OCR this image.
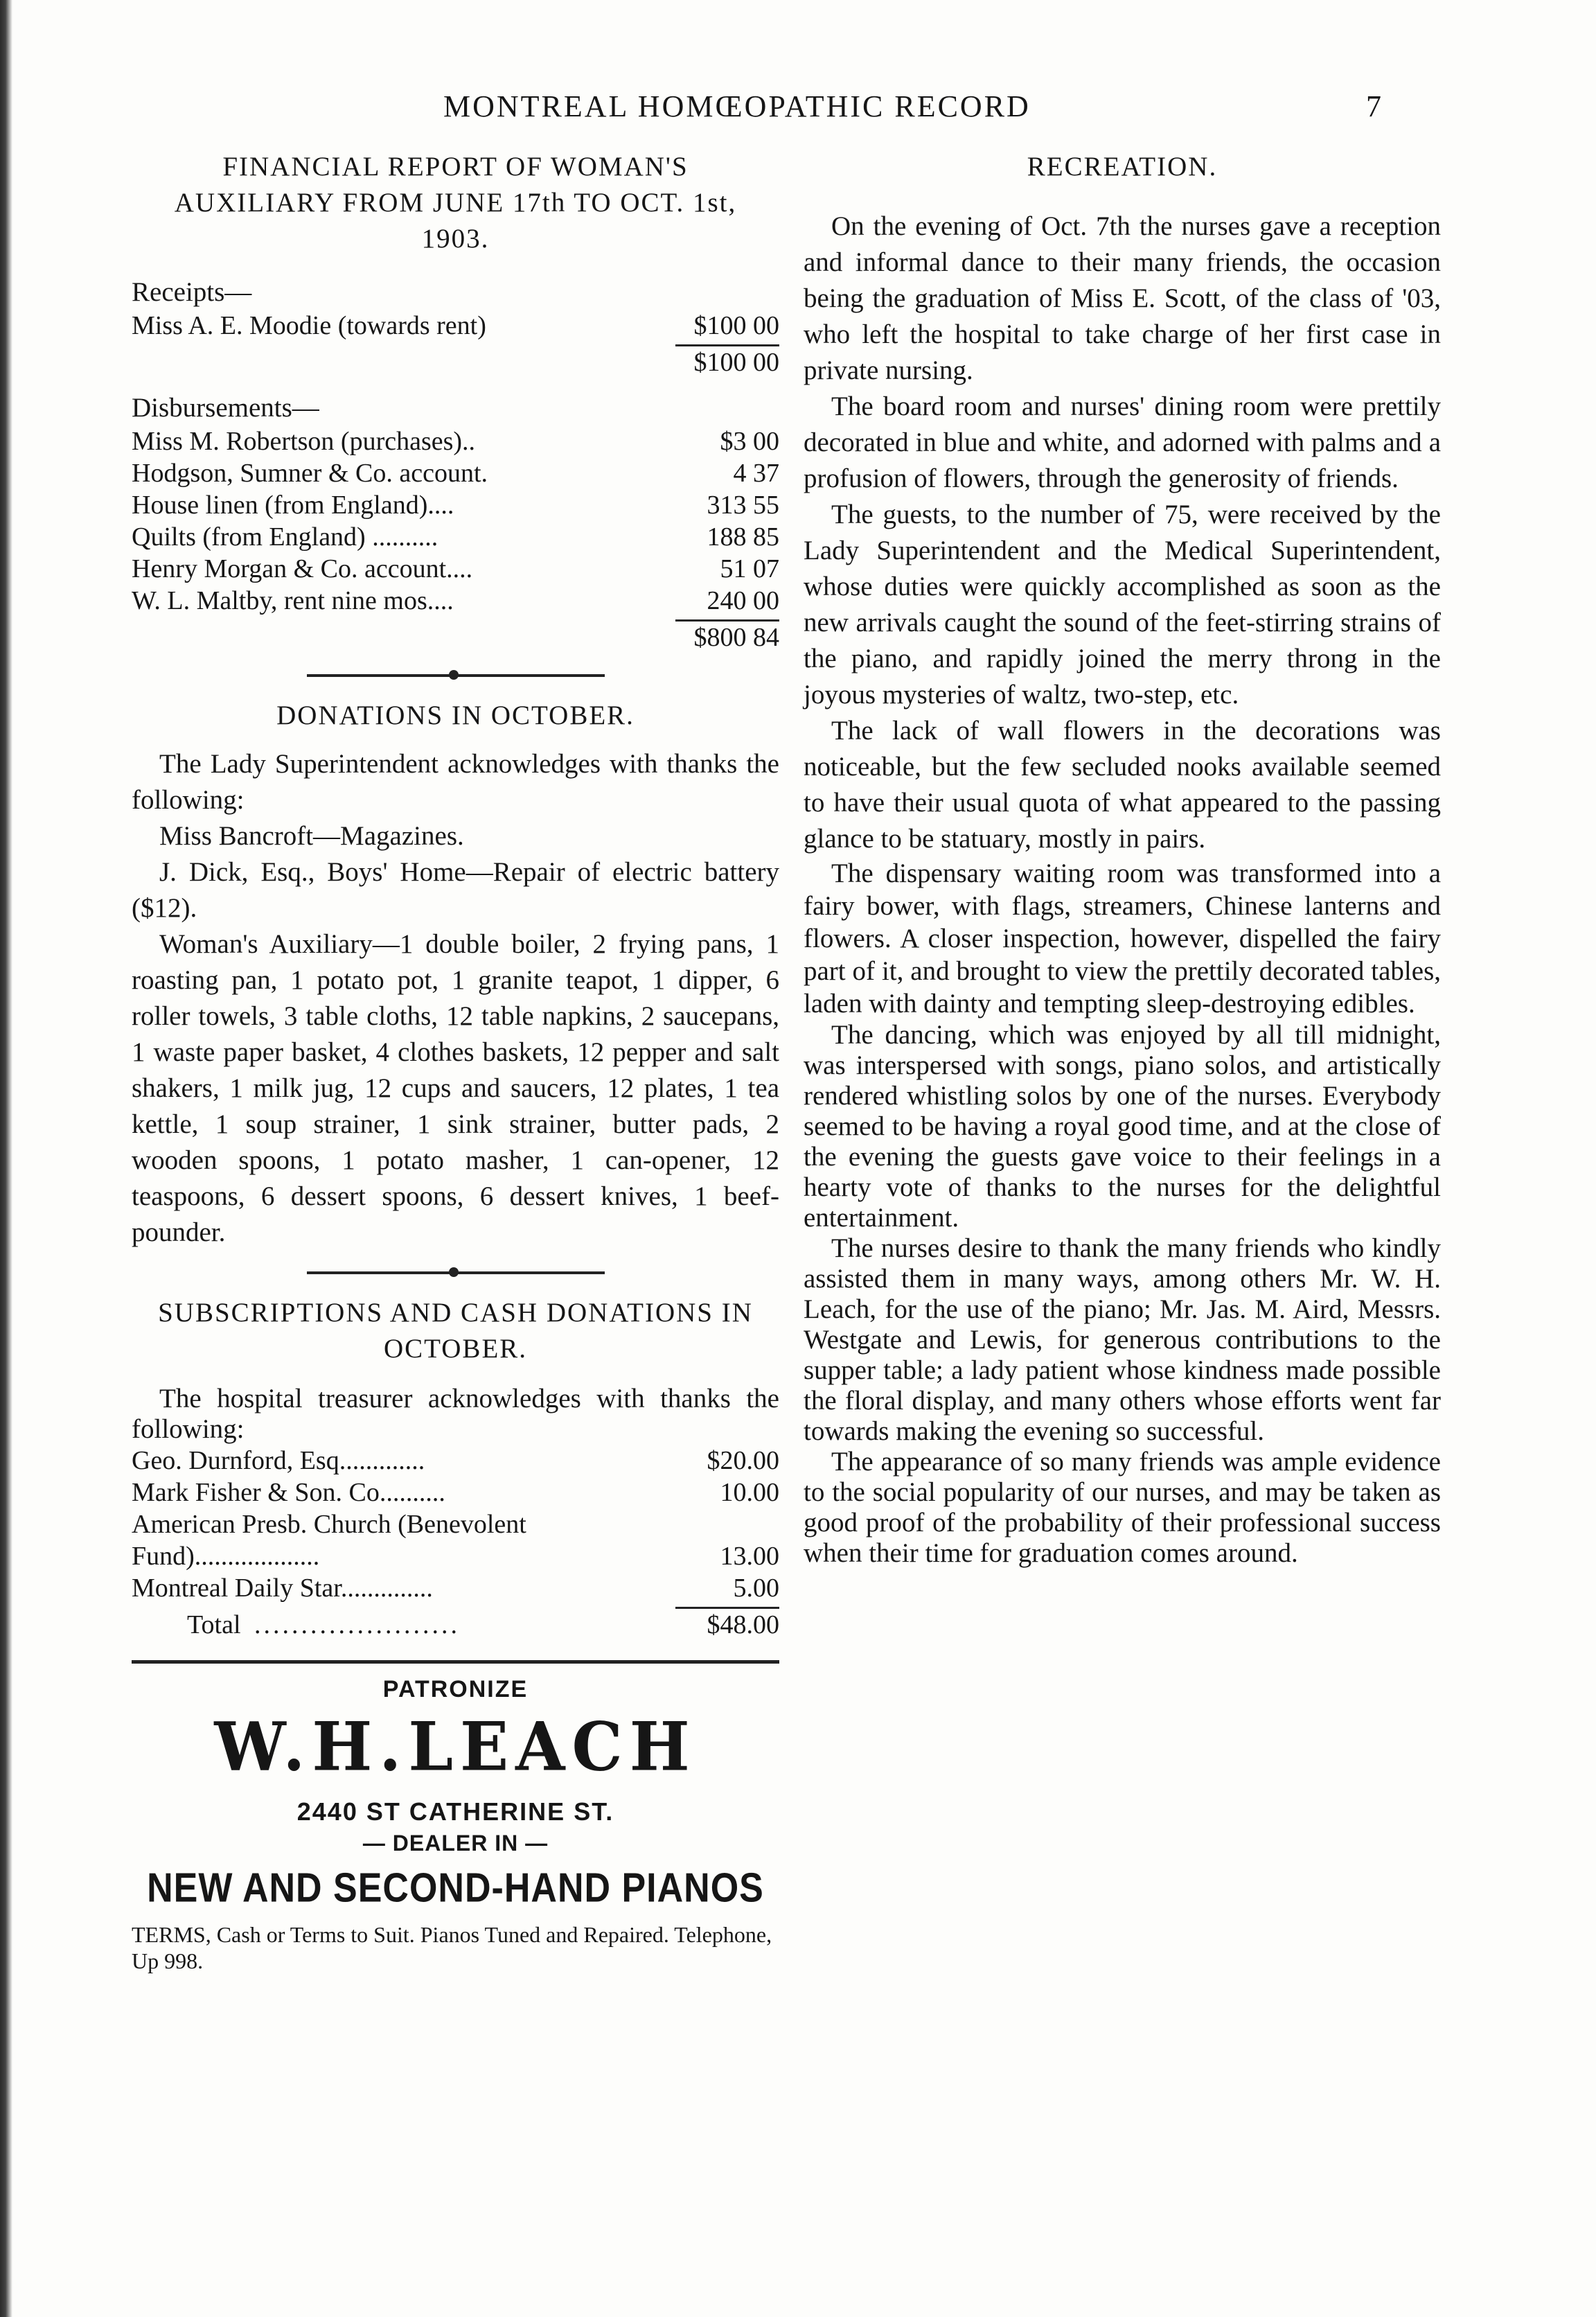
MONTREAL HOMŒOPATHIC RECORD	7
FINANCIAL REPORT OF WOMAN'S AUXILIARY FROM JUNE 17th TO OCT. 1st, 1903.

Receipts—

Miss A. E. Moodie (towards rent)	$100 00
$100 00

Disbursements—

Miss M. Robertson (purchases)..	$3 00
Hodgson, Sumner & Co. account.	4 37
House linen (from England)....	313 55
Quilts (from England) ..........	188 85
Henry Morgan & Co. account....	51 07
W. L. Maltby, rent nine mos....	240 00
$800 84
DONATIONS IN OCTOBER.

The Lady Superintendent acknowledges with thanks the following:

Miss Bancroft—Magazines.

J. Dick, Esq., Boys' Home—Repair of electric battery ($12).

Woman's Auxiliary—1 double boiler, 2 frying pans, 1 roasting pan, 1 potato pot, 1 granite teapot, 1 dipper, 6 roller towels, 3 table cloths, 12 table napkins, 2 saucepans, 1 waste paper basket, 4 clothes baskets, 12 pepper and salt shakers, 1 milk jug, 12 cups and saucers, 12 plates, 1 tea kettle, 1 soup strainer, 1 sink strainer, butter pads, 2 wooden spoons, 1 potato masher, 1 can-opener, 12 teaspoons, 6 dessert spoons, 6 dessert knives, 1 beef-pounder.

SUBSCRIPTIONS AND CASH DONATIONS IN OCTOBER.

The hospital treasurer acknowledges with thanks the following:

Geo. Durnford, Esq.............	$20.00
Mark Fisher & Son. Co..........	10.00
American Presb. Church (Benevolent Fund)...................	13.00
Montreal Daily Star..............	5.00
Total ......................	$48.00

PATRONIZE

W.H.LEACH

2440 ST CATHERINE ST.

— DEALER IN —

NEW AND SECOND-HAND PIANOS

TERMS, Cash or Terms to Suit. Pianos Tuned and Repaired. Telephone, Up 998.

RECREATION.

On the evening of Oct. 7th the nurses gave a reception and informal dance to their many friends, the occasion being the graduation of Miss E. Scott, of the class of '03, who left the hospital to take charge of her first case in private nursing.

The board room and nurses' dining room were prettily decorated in blue and white, and adorned with palms and a profusion of flowers, through the generosity of friends.

The guests, to the number of 75, were received by the Lady Superintendent and the Medical Superintendent, whose duties were quickly accomplished as soon as the new arrivals caught the sound of the feet-stirring strains of the piano, and rapidly joined the merry throng in the joyous mysteries of waltz, two-step, etc.

The lack of wall flowers in the decorations was noticeable, but the few secluded nooks available seemed to have their usual quota of what appeared to the passing glance to be statuary, mostly in pairs.

The dispensary waiting room was transformed into a fairy bower, with flags, streamers, Chinese lanterns and flowers. A closer inspection, however, dispelled the fairy part of it, and brought to view the prettily decorated tables, laden with dainty and tempting sleep-destroying edibles.

The dancing, which was enjoyed by all till midnight, was interspersed with songs, piano solos, and artistically rendered whistling solos by one of the nurses. Everybody seemed to be having a royal good time, and at the close of the evening the guests gave voice to their feelings in a hearty vote of thanks to the nurses for the delightful entertainment.

The nurses desire to thank the many friends who kindly assisted them in many ways, among others Mr. W. H. Leach, for the use of the piano; Mr. Jas. M. Aird, Messrs. Westgate and Lewis, for generous contributions to the supper table; a lady patient whose kindness made possible the floral display, and many others whose efforts went far towards making the evening so successful.

The appearance of so many friends was ample evidence to the social popularity of our nurses, and may be taken as good proof of the probability of their professional success when their time for graduation comes around.
